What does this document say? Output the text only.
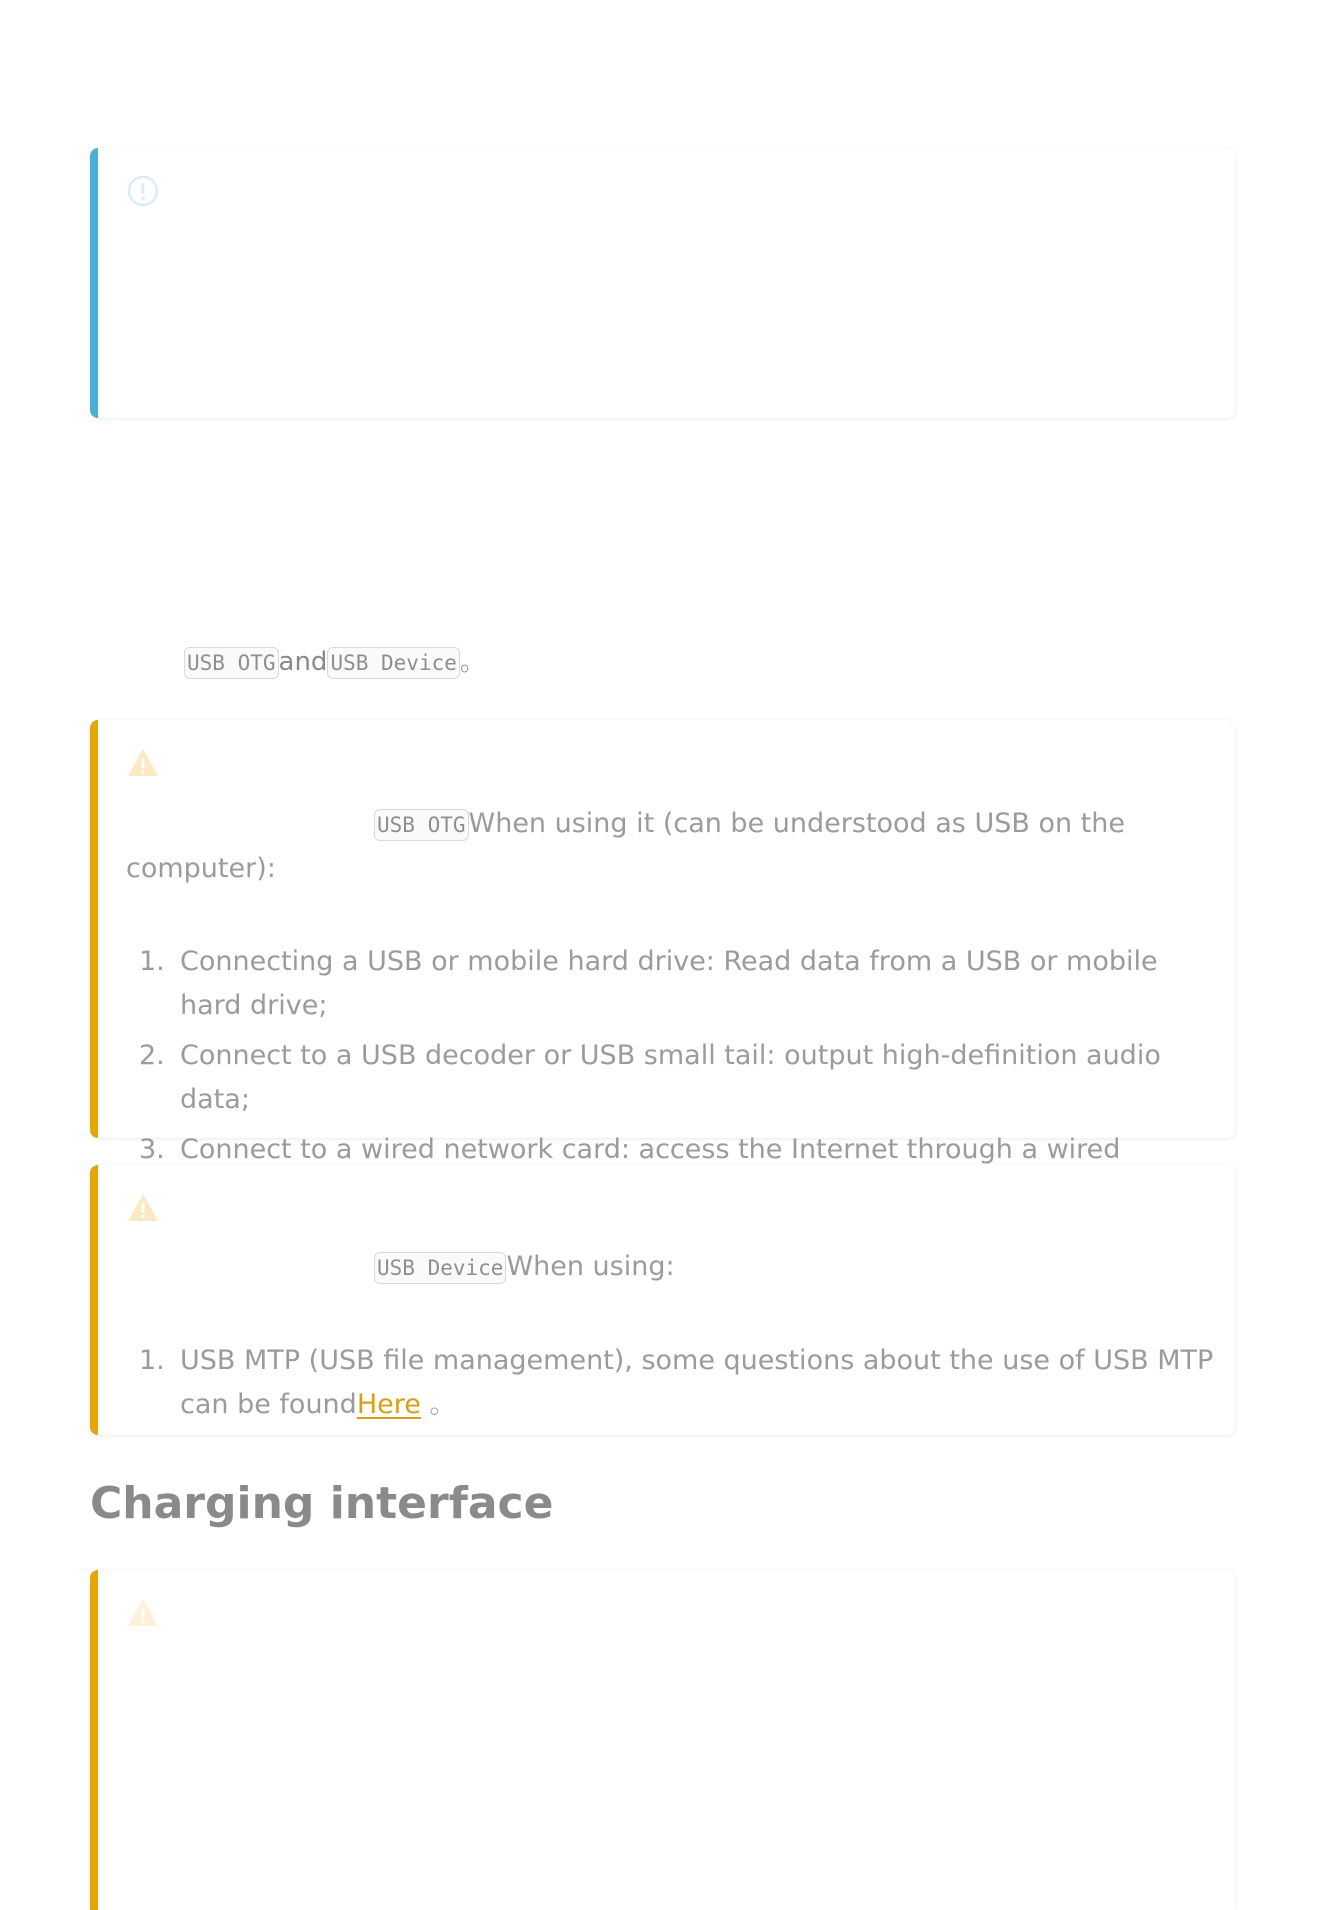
USB OTG and USB Device 。
USB OTG When using it (can be understood as USB on the
computer):
1. Connecting a USB or mobile hard drive: Read data from a USB or mobile hard drive;
2. Connect to a USB decoder or USB small tail: output high-definition audio data;
3. Connect to a wired network card: access the Internet through a wired
USB Device When using:
1. USB MTP (USB file management), some questions about the use of USB MTP can be foundHere 。
Charging interface
